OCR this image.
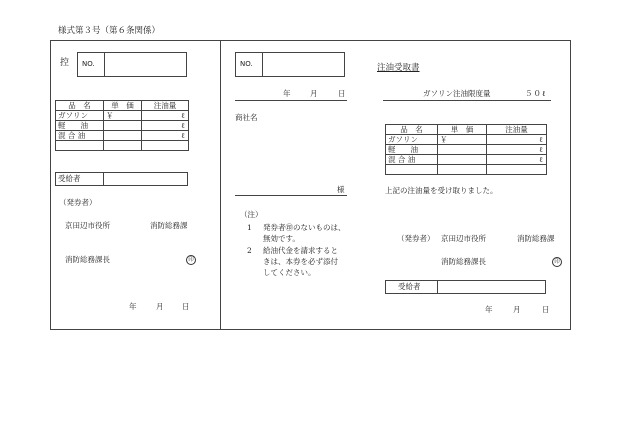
様式第３号（第６条関係）
控 NO.
品　名	単　価	注油量
ガソリン	￥	ℓ
軽　　油		ℓ
混 合 油		ℓ

受給者
（発券者）
京田辺市役所	消防総務課
消防総務課長	印
年	月 日
NO.	注油受取書
年	月	日	ガソリン注油限度量	５０ℓ
商社名
様
品　名	単　価	注油量
ガソリン	￥	ℓ
軽　　油		ℓ
混 合 油		ℓ

上記の注油量を受け取りました。
（注）
1 発券者㊞のないものは、
無効です。
2 給油代金を請求すると
きは、本券を必ず添付
してください。
（発券者） 京田辺市役所	消防総務課
消防総務課長	印
受給者
年	月	日
